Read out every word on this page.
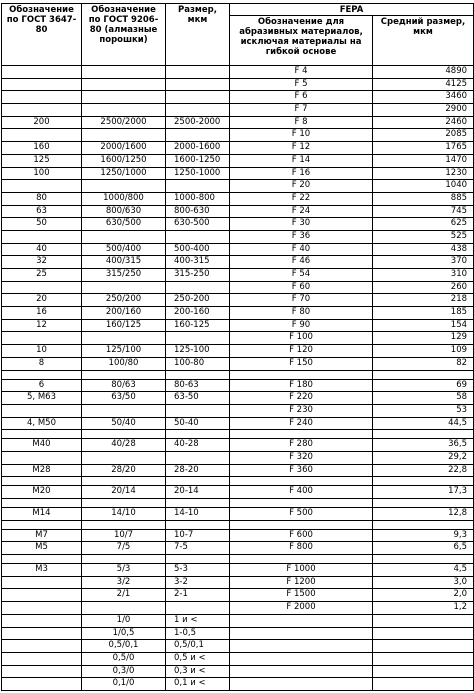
Обозначение по ГОСТ 3647-80	Обозначение по ГОСТ 9206-80 (алмазные порошки)	Размер, мкм	FEPA	
			Обозначение для абразивных материалов, исключая материалы на гибкой основе	Средний размер, мкм
			F 4	4890
			F 5	4125
			F 6	3460
			F 7	2900
200	2500/2000	2500-2000	F 8	2460
			F 10	2085
160	2000/1600	2000-1600	F 12	1765
125	1600/1250	1600-1250	F 14	1470
100	1250/1000	1250-1000	F 16	1230
			F 20	1040
80	1000/800	1000-800	F 22	885
63	800/630	800-630	F 24	745
50	630/500	630-500	F 30	625
			F 36	525
40	500/400	500-400	F 40	438
32	400/315	400-315	F 46	370
25	315/250	315-250	F 54	310
			F 60	260
20	250/200	250-200	F 70	218
16	200/160	200-160	F 80	185
12	160/125	160-125	F 90	154
			F 100	129
10	125/100	125-100	F 120	109
8	100/80	100-80	F 150	82

6	80/63	80-63	F 180	69
5, M63	63/50	63-50	F 220	58
			F 230	53
4, M50	50/40	50-40	F 240	44,5

M40	40/28	40-28	F 280	36,5
			F 320	29,2
M28	28/20	28-20	F 360	22,8

M20	20/14	20-14	F 400	17,3

M14	14/10	14-10	F 500	12,8

M7	10/7	10-7	F 600	9,3
M5	7/5	7-5	F 800	6,5

M3	5/3	5-3	F 1000	4,5
	3/2	3-2	F 1200	3,0
	2/1	2-1	F 1500	2,0
			F 2000	1,2
	1/0	1 и <		
	1/0,5	1-0,5		
	0,5/0,1	0,5/0,1		
	0,5/0	0,5 и <		
	0,3/0	0,3 и <		
	0,1/0	0,1 и <		
